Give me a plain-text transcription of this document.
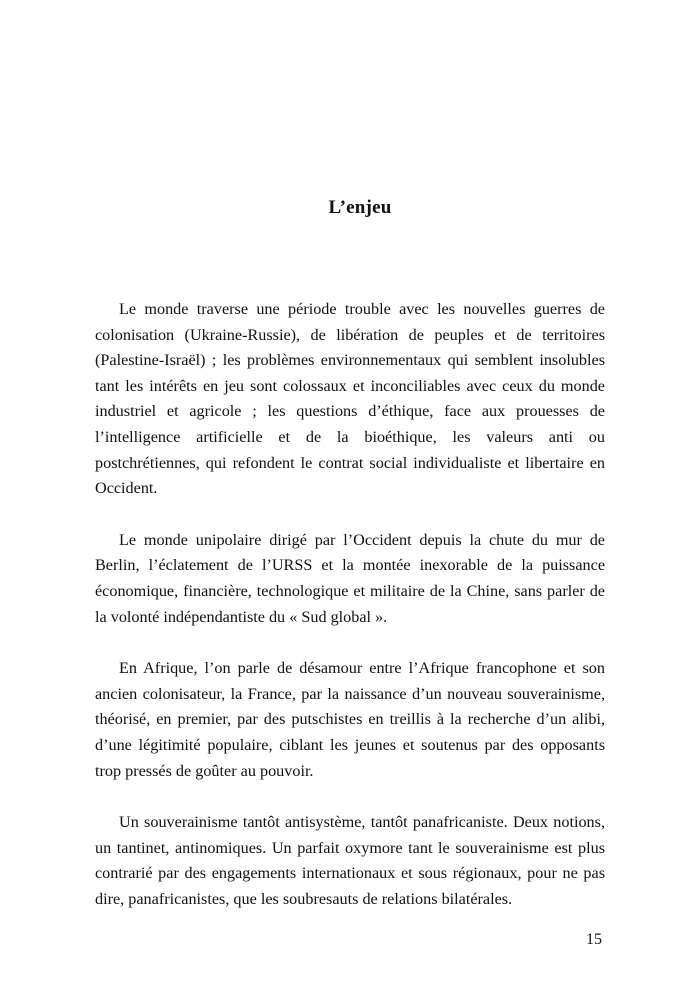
L’enjeu

Le monde traverse une période trouble avec les nouvelles guerres de colonisation (Ukraine-Russie), de libération de peuples et de territoires (Palestine-Israël) ; les problèmes environnementaux qui semblent insolubles tant les intérêts en jeu sont colossaux et inconciliables avec ceux du monde industriel et agricole ; les questions d’éthique, face aux prouesses de l’intelligence artificielle et de la bioéthique, les valeurs anti ou postchrétiennes, qui refondent le contrat social individualiste et libertaire en Occident.

Le monde unipolaire dirigé par l’Occident depuis la chute du mur de Berlin, l’éclatement de l’URSS et la montée inexorable de la puissance économique, financière, technologique et militaire de la Chine, sans parler de la volonté indépendantiste du « Sud global ».

En Afrique, l’on parle de désamour entre l’Afrique francophone et son ancien colonisateur, la France, par la naissance d’un nouveau souverainisme, théorisé, en premier, par des putschistes en treillis à la recherche d’un alibi, d’une légitimité populaire, ciblant les jeunes et soutenus par des opposants trop pressés de goûter au pouvoir.

Un souverainisme tantôt antisystème, tantôt panafricaniste. Deux notions, un tantinet, antinomiques. Un parfait oxymore tant le souverainisme est plus contrarié par des engagements internationaux et sous régionaux, pour ne pas dire, panafricanistes, que les soubresauts de relations bilatérales.

15
